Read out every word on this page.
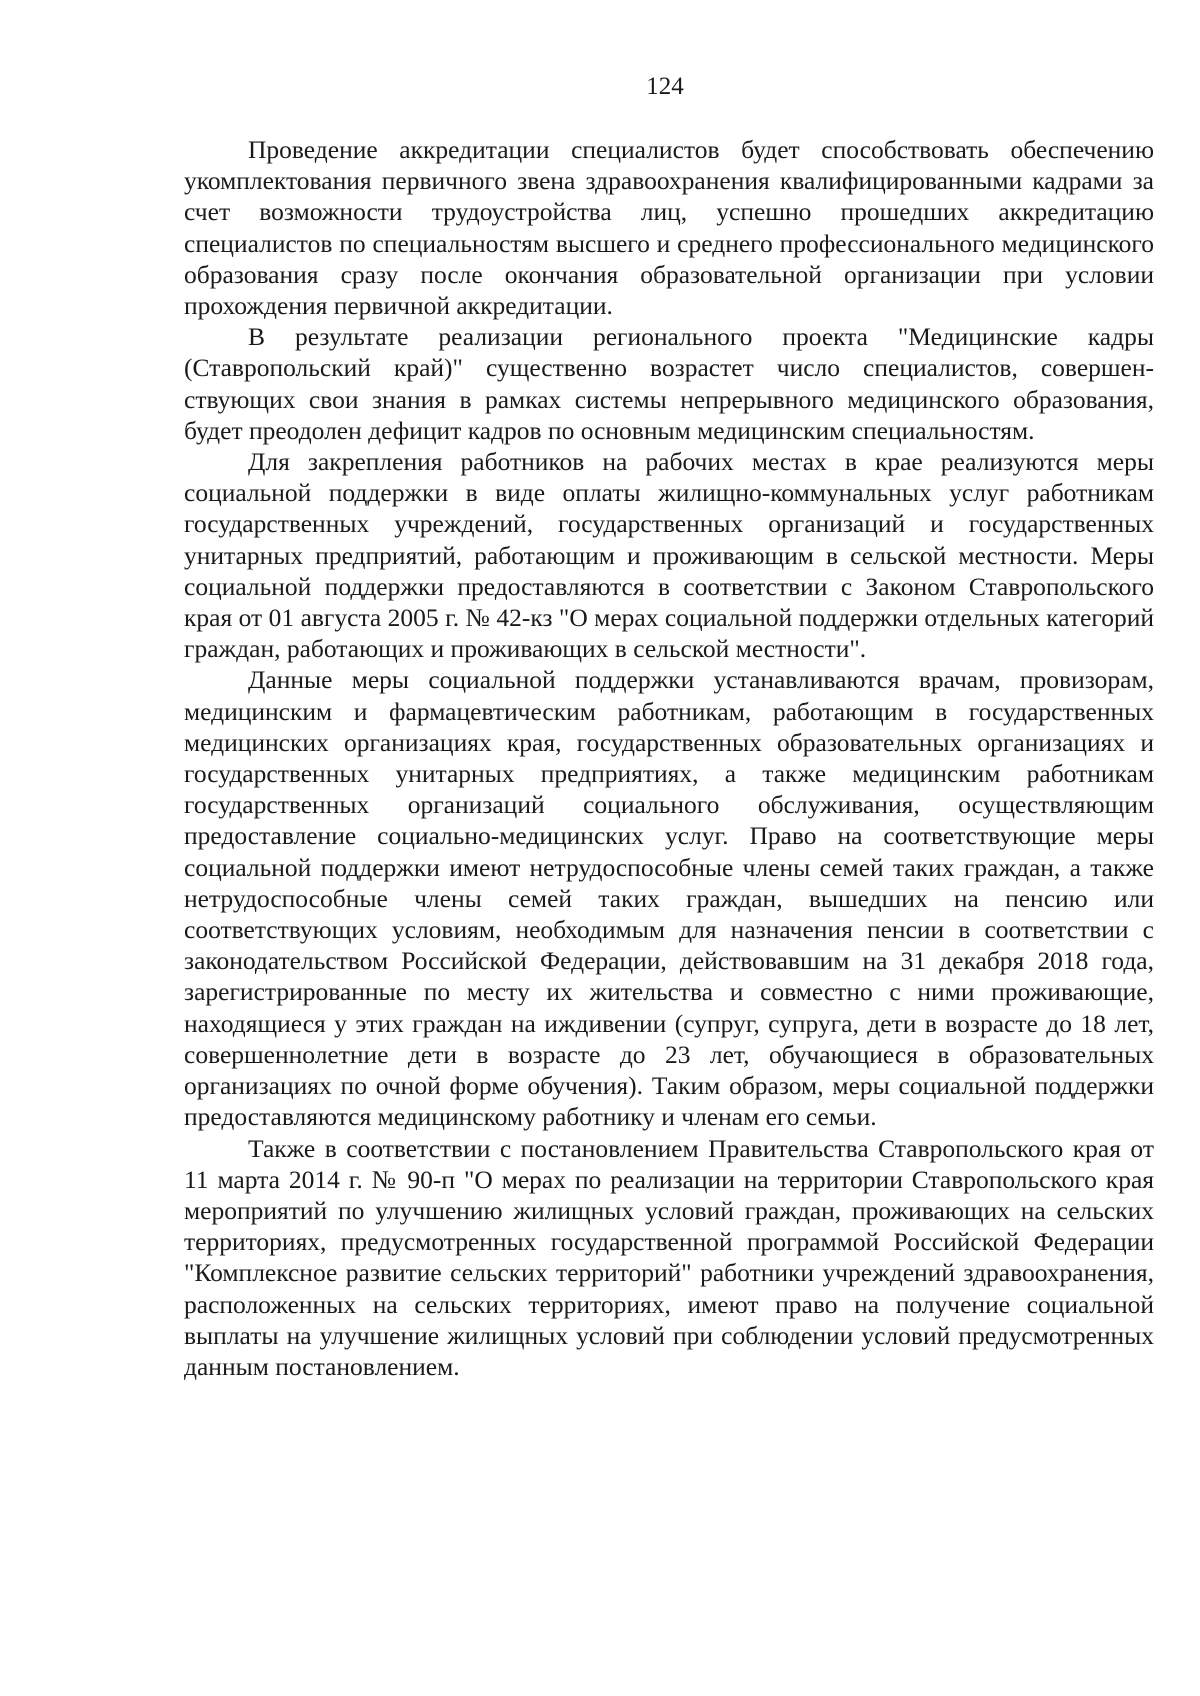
124

Проведение аккредитации специалистов будет способствовать обеспечению укомплектования первичного звена здравоохранения квалифицированными кадрами за счет возможности трудоустройства лиц, успешно прошедших аккредитацию специалистов по специальностям высшего и среднего профессионального медицинского образования сразу после окончания образовательной организации при условии прохождения первичной аккредитации.

В результате реализации регионального проекта "Медицинские кадры (Ставропольский край)" существенно возрастет число специалистов, совершенствующих свои знания в рамках системы непрерывного медицинского образования, будет преодолен дефицит кадров по основным медицинским специальностям.

Для закрепления работников на рабочих местах в крае реализуются меры социальной поддержки в виде оплаты жилищно-коммунальных услуг работникам государственных учреждений, государственных организаций и государственных унитарных предприятий, работающим и проживающим в сельской местности. Меры социальной поддержки предоставляются в соответствии с Законом Ставропольского края от 01 августа 2005 г. № 42-кз "О мерах социальной поддержки отдельных категорий граждан, работающих и проживающих в сельской местности".

Данные меры социальной поддержки устанавливаются врачам, провизорам, медицинским и фармацевтическим работникам, работающим в государственных медицинских организациях края, государственных образовательных организациях и государственных унитарных предприятиях, а также медицинским работникам государственных организаций социального обслуживания, осуществляющим предоставление социально-медицинских услуг. Право на соответствующие меры социальной поддержки имеют нетрудоспособные члены семей таких граждан, а также нетрудоспособные члены семей таких граждан, вышедших на пенсию или соответствующих условиям, необходимым для назначения пенсии в соответствии с законодательством Российской Федерации, действовавшим на 31 декабря 2018 года, зарегистрированные по месту их жительства и совместно с ними проживающие, находящиеся у этих граждан на иждивении (супруг, супруга, дети в возрасте до 18 лет, совершеннолетние дети в возрасте до 23 лет, обучающиеся в образовательных организациях по очной форме обучения). Таким образом, меры социальной поддержки предоставляются медицинскому работнику и членам его семьи.

Также в соответствии с постановлением Правительства Ставропольского края от 11 марта 2014 г. № 90-п "О мерах по реализации на территории Ставропольского края мероприятий по улучшению жилищных условий граждан, проживающих на сельских территориях, предусмотренных государственной программой Российской Федерации "Комплексное развитие сельских территорий" работники учреждений здравоохранения, расположенных на сельских территориях, имеют право на получение социальной выплаты на улучшение жилищных условий при соблюдении условий предусмотренных данным постановлением.
